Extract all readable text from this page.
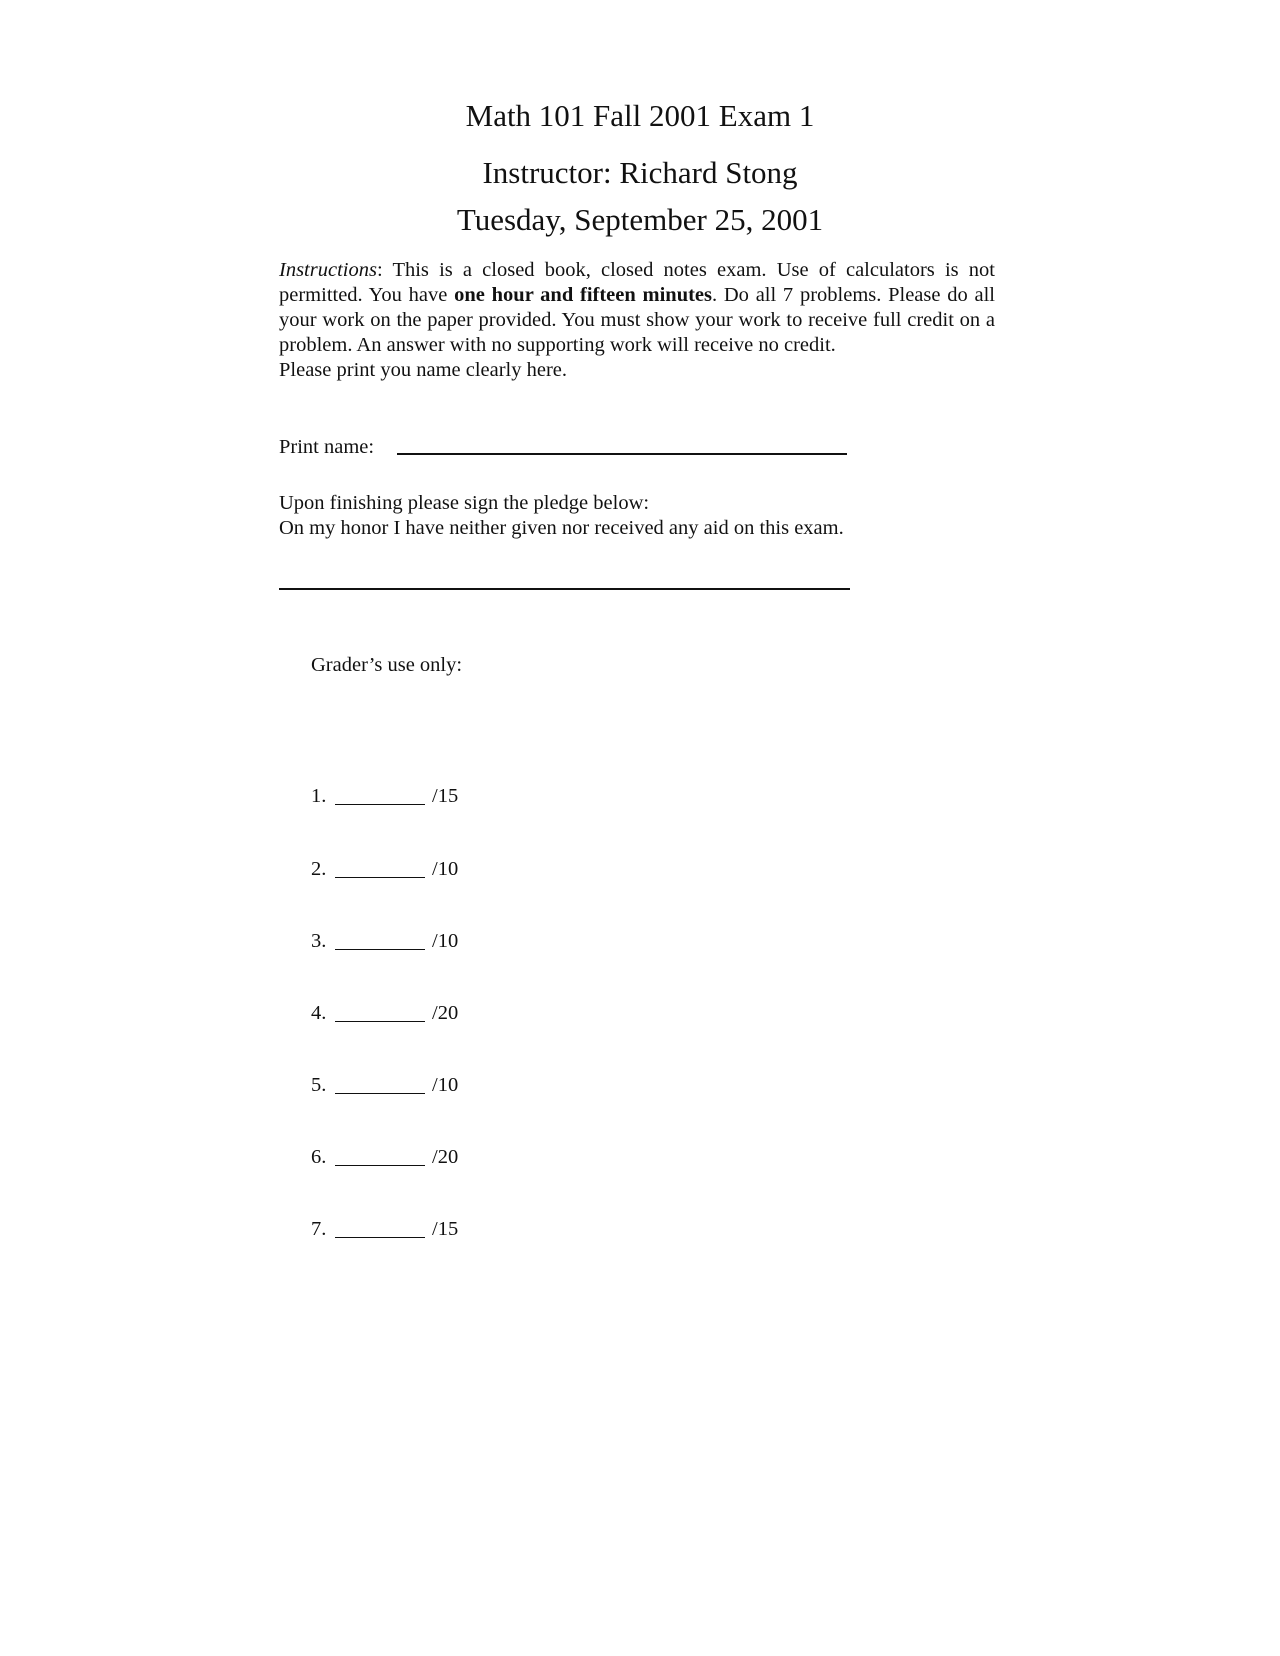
Math 101 Fall 2001 Exam 1
Instructor: Richard Stong
Tuesday, September 25, 2001
Instructions: This is a closed book, closed notes exam. Use of calculators is not permitted. You have one hour and fifteen minutes. Do all 7 problems. Please do all your work on the paper provided. You must show your work to receive full credit on a problem. An answer with no supporting work will receive no credit.
Please print you name clearly here.
Print name:
Upon finishing please sign the pledge below:
On my honor I have neither given nor received any aid on this exam.
Grader’s use only:
1.	/15
2.	/10
3.	/10
4.	/20
5.	/10
6.	/20
7.	/15
